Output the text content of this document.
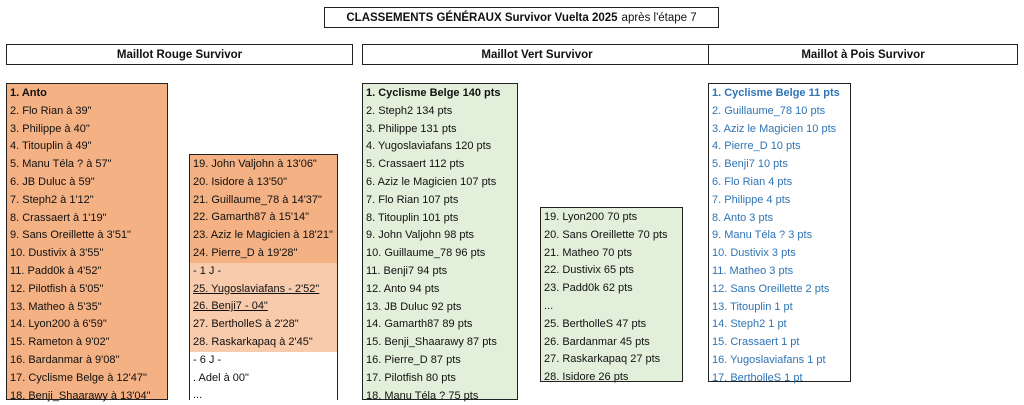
CLASSEMENTS GÉNÉRAUX Survivor Vuelta 2025 après l'étape 7
Maillot Rouge Survivor	Maillot Vert Survivor	Maillot à Pois Survivor
1. Anto
2. Flo Rian à 39"
3. Philippe à 40"
4. Titouplin à 49"
5. Manu Téla ? à 57"
6. JB Duluc à 59"
7. Steph2 à 1'12"
8. Crassaert à 1'19"
9. Sans Oreillette à 3'51"
10. Dustivix à 3'55"
11. Padd0k à 4'52"
12. Pilotfish à 5'05"
13. Matheo à 5'35"
14. Lyon200 à 6'59"
15. Rameton à 9'02"
16. Bardanmar à 9'08"
17. Cyclisme Belge à 12'47"
18. Benji_Shaarawy à 13'04"
19. John Valjohn à 13'06"
20. Isidore à 13'50"
21. Guillaume_78 à 14'37"
22. Gamarth87 à 15'14"
23. Aziz le Magicien à 18'21"
24. Pierre_D à 19'28"
- 1 J -
25. Yugoslaviafans - 2'52"
26. Benji7 - 04"
27. BertholleS à 2'28"
28. Raskarkapaq à 2'45"
- 6 J -
. Adel à 00"
...
1. Cyclisme Belge 140 pts
2. Steph2 134 pts
3. Philippe 131 pts
4. Yugoslaviafans 120 pts
5. Crassaert 112 pts
6. Aziz le Magicien 107 pts
7. Flo Rian 107 pts
8. Titouplin 101 pts
9. John Valjohn 98 pts
10. Guillaume_78 96 pts
11. Benji7 94 pts
12. Anto 94 pts
13. JB Duluc 92 pts
14. Gamarth87 89 pts
15. Benji_Shaarawy 87 pts
16. Pierre_D 87 pts
17. Pilotfish 80 pts
18. Manu Téla ? 75 pts
19. Lyon200 70 pts
20. Sans Oreillette 70 pts
21. Matheo 70 pts
22. Dustivix 65 pts
23. Padd0k 62 pts
...
25. BertholleS 47 pts
26. Bardanmar 45 pts
27. Raskarkapaq 27 pts
28. Isidore 26 pts
1. Cyclisme Belge 11 pts
2. Guillaume_78 10 pts
3. Aziz le Magicien 10 pts
4. Pierre_D 10 pts
5. Benji7 10 pts
6. Flo Rian 4 pts
7. Philippe 4 pts
8. Anto 3 pts
9. Manu Téla ? 3 pts
10. Dustivix 3 pts
11. Matheo 3 pts
12. Sans Oreillette 2 pts
13. Titouplin 1 pt
14. Steph2 1 pt
15. Crassaert 1 pt
16. Yugoslaviafans 1 pt
17. BertholleS 1 pt
